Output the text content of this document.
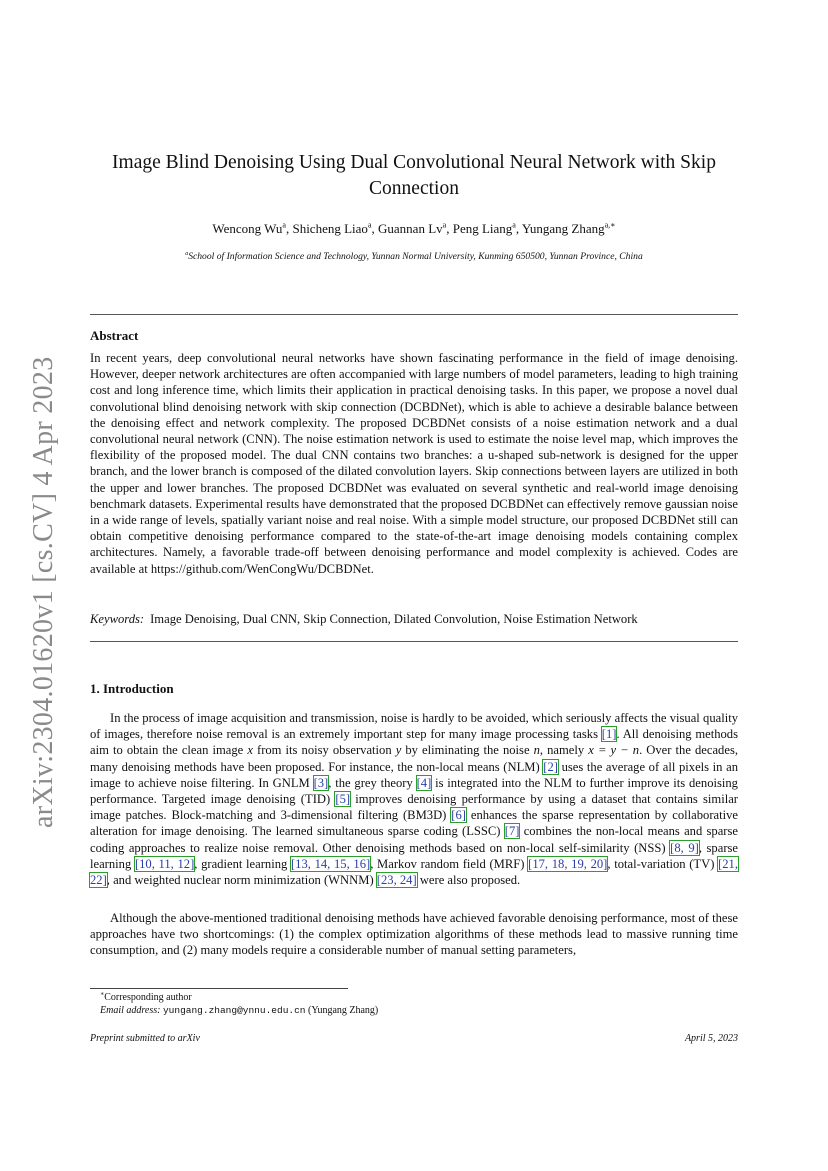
arXiv:2304.01620v1 [cs.CV] 4 Apr 2023
Image Blind Denoising Using Dual Convolutional Neural Network with Skip Connection
Wencong Wu$^a$, Shicheng Liao$^a$, Guannan Lv$^a$, Peng Liang$^a$, Yungang Zhang$^{a,∗}$
$^a$School of Information Science and Technology, Yunnan Normal University, Kunming 650500, Yunnan Province, China
Abstract

In recent years, deep convolutional neural networks have shown fascinating performance in the field of image denoising. However, deeper network architectures are often accompanied with large numbers of model parameters, leading to high training cost and long inference time, which limits their application in practical denoising tasks. In this paper, we propose a novel dual convolutional blind denoising network with skip connection (DCBDNet), which is able to achieve a desirable balance between the denoising effect and network complexity. The proposed DCBDNet consists of a noise estimation network and a dual convolutional neural network (CNN). The noise estimation network is used to estimate the noise level map, which improves the flexibility of the proposed model. The dual CNN contains two branches: a u-shaped sub-network is designed for the upper branch, and the lower branch is composed of the dilated convolution layers. Skip connections between layers are utilized in both the upper and lower branches. The proposed DCBDNet was evaluated on several synthetic and real-world image denoising benchmark datasets. Experimental results have demonstrated that the proposed DCBDNet can effectively remove gaussian noise in a wide range of levels, spatially variant noise and real noise. With a simple model structure, our proposed DCBDNet still can obtain competitive denoising performance compared to the state-of-the-art image denoising models containing complex architectures. Namely, a favorable trade-off between denoising performance and model complexity is achieved. Codes are available at https://github.com/WenCongWu/DCBDNet.

Keywords: Image Denoising, Dual CNN, Skip Connection, Dilated Convolution, Noise Estimation Network

1. Introduction

In the process of image acquisition and transmission, noise is hardly to be avoided, which seriously affects the visual quality of images, therefore noise removal is an extremely important step for many image processing tasks [1]. All denoising methods aim to obtain the clean image x from its noisy observation y by eliminating the noise n, namely x = y − n. Over the decades, many denoising methods have been proposed. For instance, the non-local means (NLM) [2] uses the average of all pixels in an image to achieve noise filtering. In GNLM [3], the grey theory [4] is integrated into the NLM to further improve its denoising performance. Targeted image denoising (TID) [5] improves denoising performance by using a dataset that contains similar image patches. Block-matching and 3-dimensional filtering (BM3D) [6] enhances the sparse representation by collaborative alteration for image denoising. The learned simultaneous sparse coding (LSSC) [7] combines the non-local means and sparse coding approaches to realize noise removal. Other denoising methods based on non-local self-similarity (NSS) [8, 9], sparse learning [10, 11, 12], gradient learning [13, 14, 15, 16], Markov random field (MRF) [17, 18, 19, 20], total-variation (TV) [21, 22], and weighted nuclear norm minimization (WNNM) [23, 24] were also proposed.

Although the above-mentioned traditional denoising methods have achieved favorable denoising performance, most of these approaches have two shortcomings: (1) the complex optimization algorithms of these methods lead to massive running time consumption, and (2) many models require a considerable number of manual setting parameters,

∗Corresponding author

Email address: yungang.zhang@ynnu.edu.cn (Yungang Zhang)

Preprint submitted to arXiv	April 5, 2023
